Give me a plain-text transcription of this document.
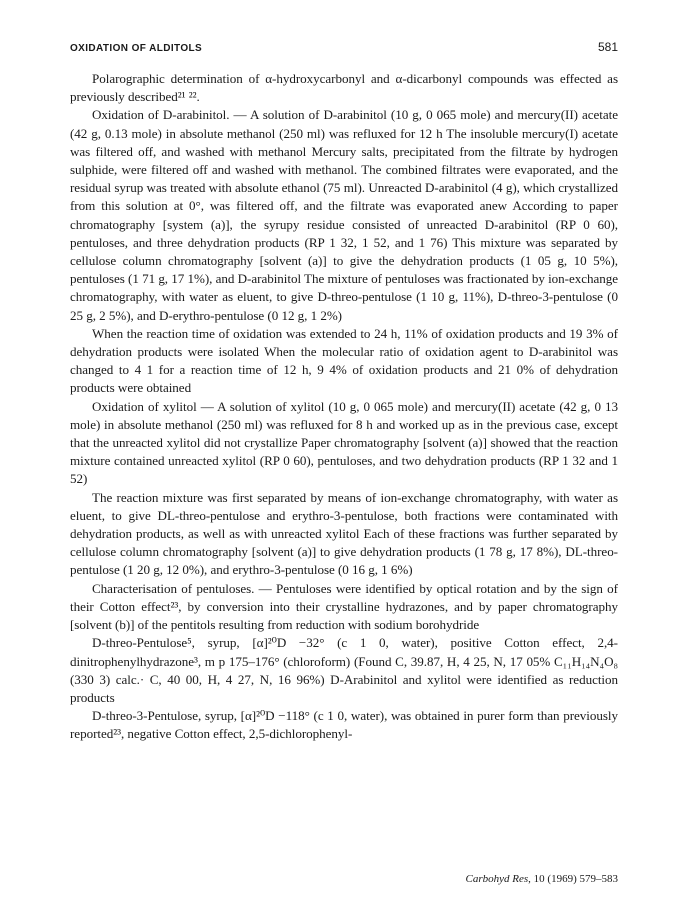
OXIDATION OF ALDITOLS	581

Polarographic determination of α-hydroxycarbonyl and α-dicarbonyl compounds was effected as previously described²¹ ²².

Oxidation of D-arabinitol. — A solution of D-arabinitol (10 g, 0 065 mole) and mercury(II) acetate (42 g, 0.13 mole) in absolute methanol (250 ml) was refluxed for 12 h The insoluble mercury(I) acetate was filtered off, and washed with methanol Mercury salts, precipitated from the filtrate by hydrogen sulphide, were filtered off and washed with methanol. The combined filtrates were evaporated, and the residual syrup was treated with absolute ethanol (75 ml). Unreacted D-arabinitol (4 g), which crystallized from this solution at 0°, was filtered off, and the filtrate was evaporated anew According to paper chromatography [system (a)], the syrupy residue consisted of unreacted D-arabinitol (RP 0 60), pentuloses, and three dehydration products (RP 1 32, 1 52, and 1 76) This mixture was separated by cellulose column chromatography [solvent (a)] to give the dehydration products (1 05 g, 10 5%), pentuloses (1 71 g, 17 1%), and D-arabinitol The mixture of pentuloses was fractionated by ion-exchange chromatography, with water as eluent, to give D-threo-pentulose (1 10 g, 11%), D-threo-3-pentulose (0 25 g, 2 5%), and D-erythro-pentulose (0 12 g, 1 2%)

When the reaction time of oxidation was extended to 24 h, 11% of oxidation products and 19 3% of dehydration products were isolated When the molecular ratio of oxidation agent to D-arabinitol was changed to 4 1 for a reaction time of 12 h, 9 4% of oxidation products and 21 0% of dehydration products were obtained

Oxidation of xylitol — A solution of xylitol (10 g, 0 065 mole) and mercury(II) acetate (42 g, 0 13 mole) in absolute methanol (250 ml) was refluxed for 8 h and worked up as in the previous case, except that the unreacted xylitol did not crystallize Paper chromatography [solvent (a)] showed that the reaction mixture contained unreacted xylitol (RP 0 60), pentuloses, and two dehydration products (RP 1 32 and 1 52)

The reaction mixture was first separated by means of ion-exchange chromatography, with water as eluent, to give DL-threo-pentulose and erythro-3-pentulose, both fractions were contaminated with dehydration products, as well as with unreacted xylitol Each of these fractions was further separated by cellulose column chromatography [solvent (a)] to give dehydration products (1 78 g, 17 8%), DL-threo-pentulose (1 20 g, 12 0%), and erythro-3-pentulose (0 16 g, 1 6%)

Characterisation of pentuloses. — Pentuloses were identified by optical rotation and by the sign of their Cotton effect²³, by conversion into their crystalline hydrazones, and by paper chromatography [solvent (b)] of the pentitols resulting from reduction with sodium borohydride

D-threo-Pentulose⁵, syrup, [α]²⁰D −32° (c 1 0, water), positive Cotton effect, 2,4-dinitrophenylhydrazone³, m p 175–176° (chloroform) (Found C, 39.87, H, 4 25, N, 17 05% C₁₁H₁₄N₄O₈ (330 3) calc.· C, 40 00, H, 4 27, N, 16 96%) D-Arabinitol and xylitol were identified as reduction products

D-threo-3-Pentulose, syrup, [α]²⁰D −118° (c 1 0, water), was obtained in purer form than previously reported²³, negative Cotton effect, 2,5-dichlorophenyl-

Carbohyd Res, 10 (1969) 579–583
